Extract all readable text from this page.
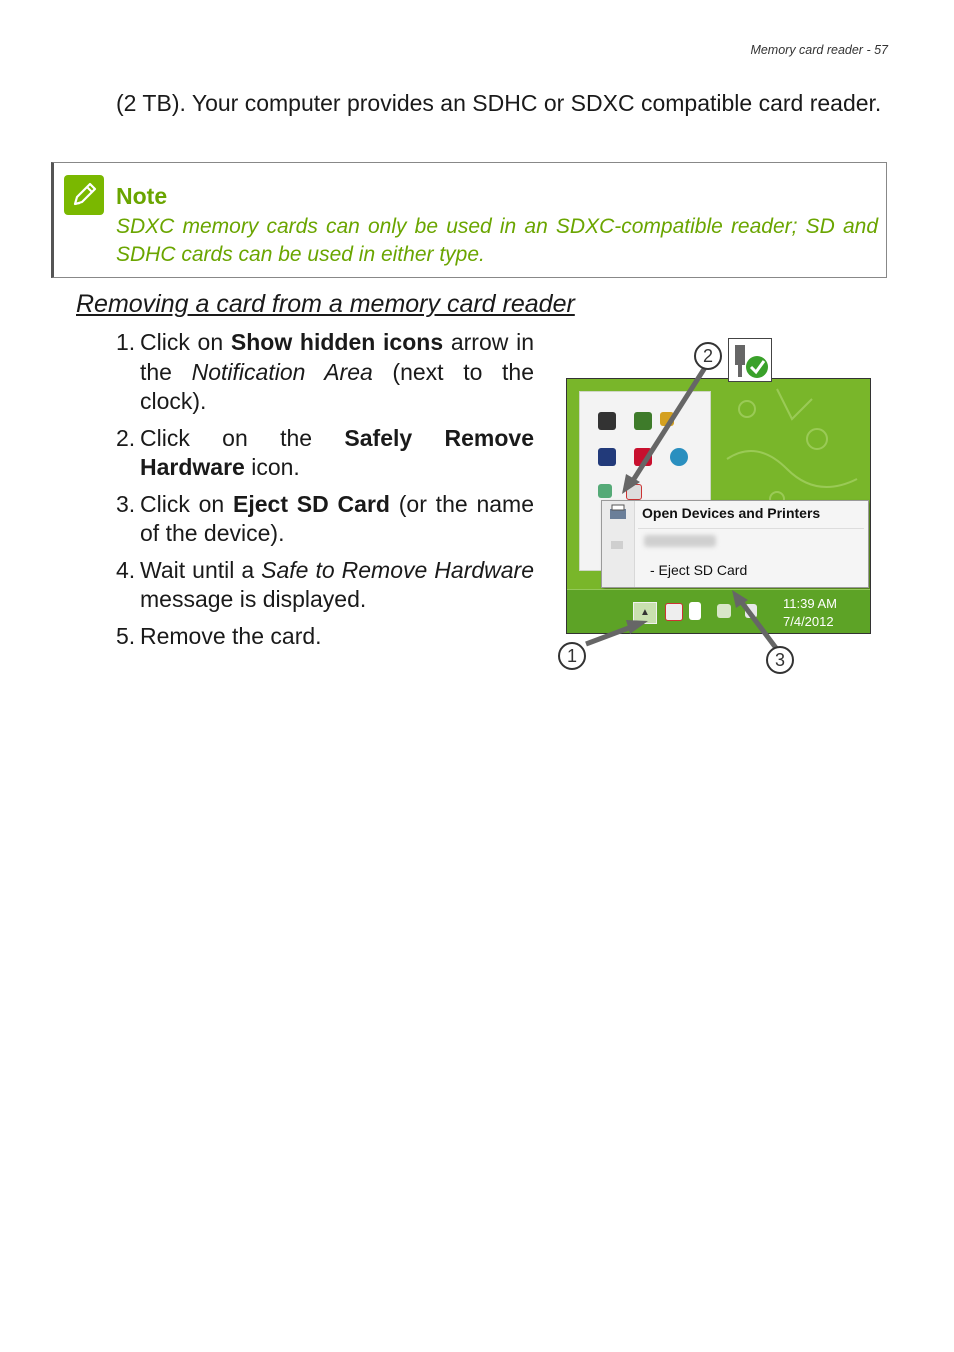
Memory card reader - 57
(2 TB). Your computer provides an SDHC or SDXC compatible card reader.
Note
SDXC memory cards can only be used in an SDXC-compatible reader; SD and SDHC cards can be used in either type.
Removing a card from a memory card reader
1. Click on Show hidden icons arrow in the Notification Area (next to the clock).
2. Click on the Safely Remove Hardware icon.
3. Click on Eject SD Card (or the name of the device).
4. Wait until a Safe to Remove Hardware message is displayed.
5. Remove the card.
Open Devices and Printers
- Eject SD Card
▲
11:39 AM
7/4/2012
2
1	3
